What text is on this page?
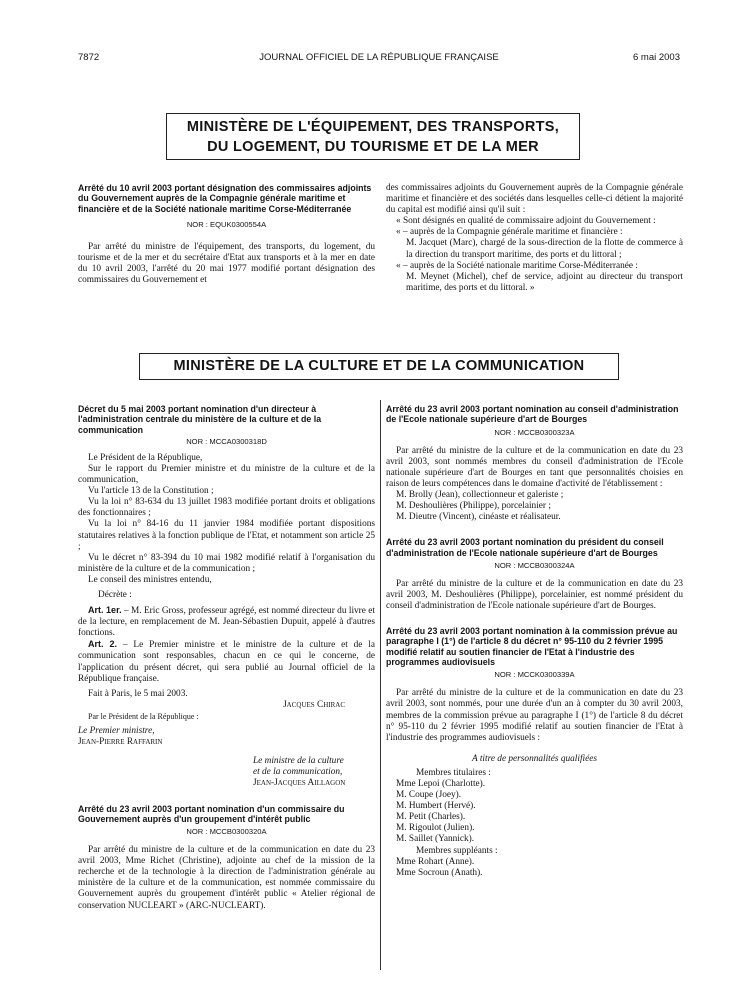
7872	JOURNAL OFFICIEL DE LA RÉPUBLIQUE FRANÇAISE	6 mai 2003
MINISTÈRE DE L'ÉQUIPEMENT, DES TRANSPORTS,
DU LOGEMENT, DU TOURISME ET DE LA MER
Arrêté du 10 avril 2003 portant désignation des commissaires adjoints du Gouvernement auprès de la Compagnie générale maritime et financière et de la Société nationale maritime Corse-Méditerranée
NOR : EQUK0300554A
Par arrêté du ministre de l'équipement, des transports, du logement, du tourisme et de la mer et du secrétaire d'Etat aux transports et à la mer en date du 10 avril 2003, l'arrêté du 20 mai 1977 modifié portant désignation des commissaires du Gouvernement et
des commissaires adjoints du Gouvernement auprès de la Compagnie générale maritime et financière et des sociétés dans lesquelles celle-ci détient la majorité du capital est modifié ainsi qu'il suit :
« Sont désignés en qualité de commissaire adjoint du Gouvernement :
« – auprès de la Compagnie générale maritime et financière :
M. Jacquet (Marc), chargé de la sous-direction de la flotte de commerce à la direction du transport maritime, des ports et du littoral ;
« – auprès de la Société nationale maritime Corse-Méditerranée :
M. Meynet (Michel), chef de service, adjoint au directeur du transport maritime, des ports et du littoral. »
MINISTÈRE DE LA CULTURE ET DE LA COMMUNICATION
Décret du 5 mai 2003 portant nomination d'un directeur à l'administration centrale du ministère de la culture et de la communication
NOR : MCCA0300318D
Le Président de la République,
Sur le rapport du Premier ministre et du ministre de la culture et de la communication,
Vu l'article 13 de la Constitution ;
Vu la loi n° 83-634 du 13 juillet 1983 modifiée portant droits et obligations des fonctionnaires ;
Vu la loi n° 84-16 du 11 janvier 1984 modifiée portant dispositions statutaires relatives à la fonction publique de l'Etat, et notamment son article 25 ;
Vu le décret n° 83-394 du 10 mai 1982 modifié relatif à l'organisation du ministère de la culture et de la communication ;
Le conseil des ministres entendu,
Décrète :
Art. 1er. – M. Eric Gross, professeur agrégé, est nommé directeur du livre et de la lecture, en remplacement de M. Jean-Sébastien Dupuit, appelé à d'autres fonctions.
Art. 2. – Le Premier ministre et le ministre de la culture et de la communication sont responsables, chacun en ce qui le concerne, de l'application du présent décret, qui sera publié au Journal officiel de la République française.
Fait à Paris, le 5 mai 2003.
Jacques Chirac
Par le Président de la République :
Le Premier ministre,
Jean-Pierre Raffarin
Le ministre de la culture
et de la communication,
Jean-Jacques Aillagon
Arrêté du 23 avril 2003 portant nomination d'un commissaire du Gouvernement auprès d'un groupement d'intérêt public
NOR : MCCB0300320A
Par arrêté du ministre de la culture et de la communication en date du 23 avril 2003, Mme Richet (Christine), adjointe au chef de la mission de la recherche et de la technologie à la direction de l'administration générale au ministère de la culture et de la communication, est nommée commissaire du Gouvernement auprès du groupement d'intérêt public « Atelier régional de conservation NUCLEART » (ARC-NUCLEART).
Arrêté du 23 avril 2003 portant nomination au conseil d'administration de l'Ecole nationale supérieure d'art de Bourges
NOR : MCCB0300323A
Par arrêté du ministre de la culture et de la communication en date du 23 avril 2003, sont nommés membres du conseil d'administration de l'Ecole nationale supérieure d'art de Bourges en tant que personnalités choisies en raison de leurs compétences dans le domaine d'activité de l'établissement :
M. Brolly (Jean), collectionneur et galeriste ;
M. Deshoulières (Philippe), porcelainier ;
M. Dieutre (Vincent), cinéaste et réalisateur.
Arrêté du 23 avril 2003 portant nomination du président du conseil d'administration de l'Ecole nationale supérieure d'art de Bourges
NOR : MCCB0300324A
Par arrêté du ministre de la culture et de la communication en date du 23 avril 2003, M. Deshoulières (Philippe), porcelainier, est nommé président du conseil d'administration de l'Ecole nationale supérieure d'art de Bourges.
Arrêté du 23 avril 2003 portant nomination à la commission prévue au paragraphe I (1°) de l'article 8 du décret n° 95-110 du 2 février 1995 modifié relatif au soutien financier de l'Etat à l'industrie des programmes audiovisuels
NOR : MCCK0300339A
Par arrêté du ministre de la culture et de la communication en date du 23 avril 2003, sont nommés, pour une durée d'un an à compter du 30 avril 2003, membres de la commission prévue au paragraphe I (1°) de l'article 8 du décret n° 95-110 du 2 février 1995 modifié relatif au soutien financier de l'Etat à l'industrie des programmes audiovisuels :
A titre de personnalités qualifiées
Membres titulaires :
Mme Lepoi (Charlotte).
M. Coupe (Joey).
M. Humbert (Hervé).
M. Petit (Charles).
M. Rigoulot (Julien).
M. Saillet (Yannick).
Membres suppléants :
Mme Rohart (Anne).
Mme Socroun (Anath).
